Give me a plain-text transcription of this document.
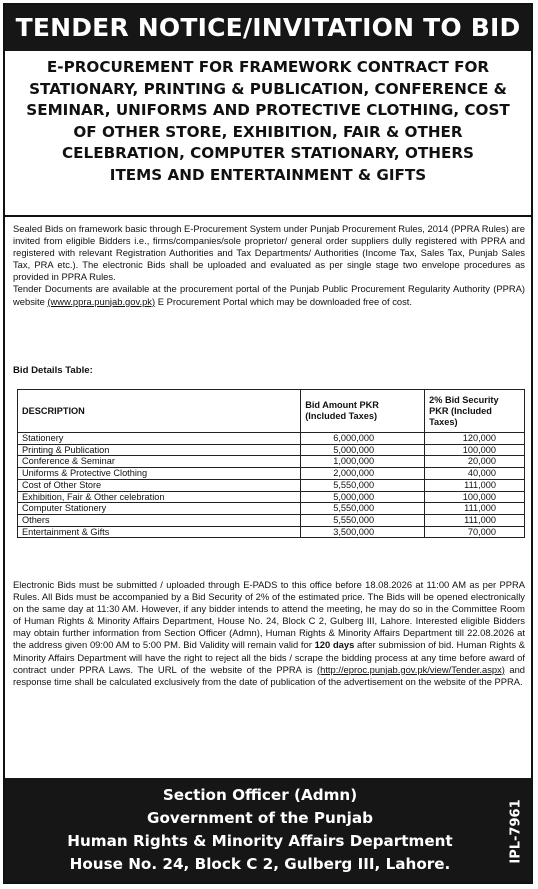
TENDER NOTICE/INVITATION TO BID
E-PROCUREMENT FOR FRAMEWORK CONTRACT FOR
STATIONARY, PRINTING & PUBLICATION, CONFERENCE &
SEMINAR, UNIFORMS AND PROTECTIVE CLOTHING, COST
OF OTHER STORE, EXHIBITION, FAIR & OTHER
CELEBRATION, COMPUTER STATIONARY, OTHERS
ITEMS AND ENTERTAINMENT & GIFTS

Sealed Bids on framework basic through E-Procurement System under Punjab Procurement Rules, 2014 (PPRA Rules) are invited from eligible Bidders i.e., firms/companies/sole proprietor/ general order suppliers dully registered with PPRA and registered with relevant Registration Authorities and Tax Departments/ Authorities (Income Tax, Sales Tax, Punjab Sales Tax, PRA etc.). The electronic Bids shall be uploaded and evaluated as per single stage two envelope procedures as provided in PPRA Rules.
Tender Documents are available at the procurement portal of the Punjab Public Procurement Regularity Authority (PPRA) website (www.ppra.punjab.gov.pk) E Procurement Portal which may be downloaded free of cost.

Bid Details Table:
DESCRIPTION	Bid Amount PKR (Included Taxes)	2% Bid Security PKR (Included Taxes)
Stationery	6,000,000	120,000
Printing & Publication	5,000,000	100,000
Conference & Seminar	1,000,000	20,000
Uniforms & Protective Clothing	2,000,000	40,000
Cost of Other Store	5,550,000	111,000
Exhibition, Fair & Other celebration	5,000,000	100,000
Computer Stationery	5,550,000	111,000
Others	5,550,000	111,000
Entertainment & Gifts	3,500,000	70,000

Electronic Bids must be submitted / uploaded through E-PADS to this office before 18.08.2026 at 11:00 AM as per PPRA Rules. All Bids must be accompanied by a Bid Security of 2% of the estimated price. The Bids will be opened electronically on the same day at 11:30 AM. However, if any bidder intends to attend the meeting, he may do so in the Committee Room of Human Rights & Minority Affairs Department, House No. 24, Block C 2, Gulberg III, Lahore. Interested eligible Bidders may obtain further information from Section Officer (Admn), Human Rights & Minority Affairs Department till 22.08.2026 at the address given 09:00 AM to 5:00 PM. Bid Validity will remain valid for 120 days after submission of bid. Human Rights & Minority Affairs Department will have the right to reject all the bids / scrape the bidding process at any time before award of contract under PPRA Laws. The URL of the website of the PPRA is (http://eproc.punjab.gov.pk/view/Tender.aspx) and response time shall be calculated exclusively from the date of publication of the advertisement on the website of the PPRA.

Section Officer (Admn)
Government of the Punjab
Human Rights & Minority Affairs Department
House No. 24, Block C 2, Gulberg III, Lahore.
IPL-7961
